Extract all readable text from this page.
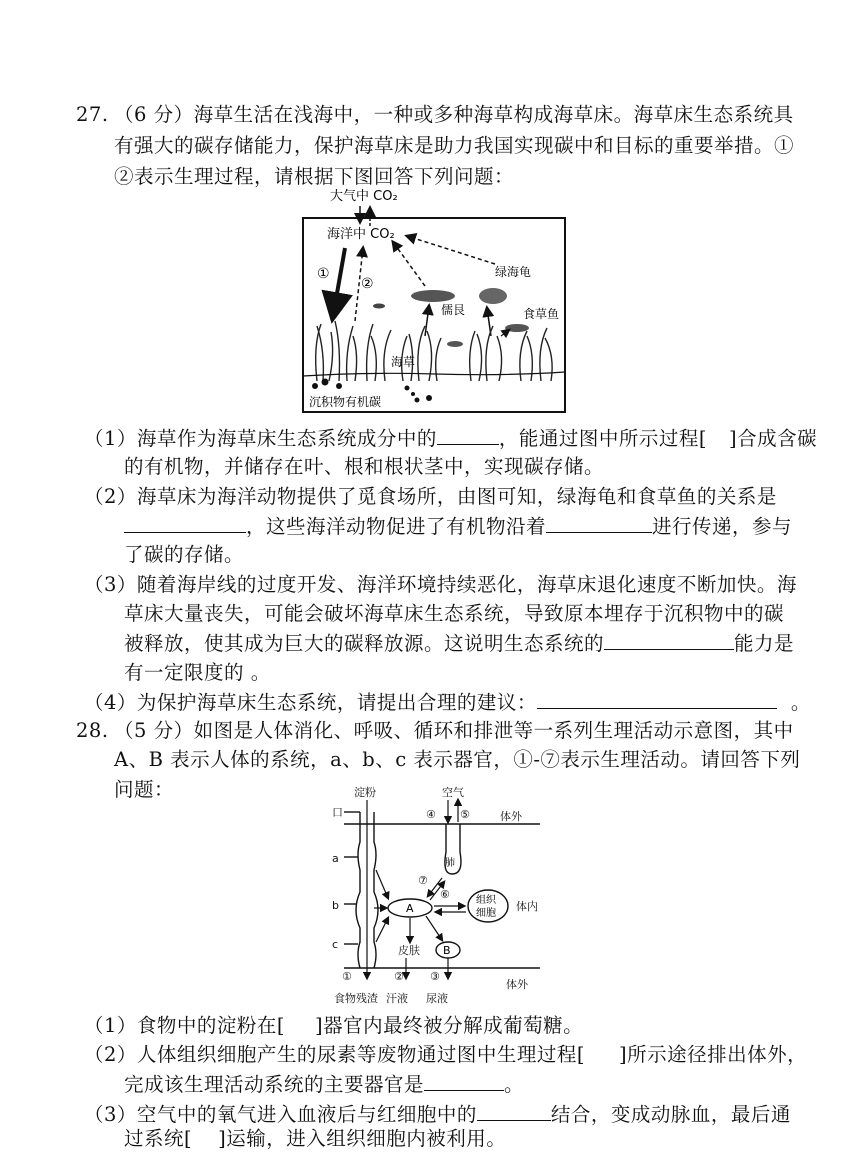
27. （6 分）海草生活在浅海中，一种或多种海草构成海草床。海草床生态系统具
有强大的碳存储能力，保护海草床是助力我国实现碳中和目标的重要举措。①
②表示生理过程，请根据下图回答下列问题：
大气中 CO₂
海洋中 CO₂
①
②
儒艮
绿海龟
食草鱼
海草
沉积物有机碳
（1）海草作为海草床生态系统成分中的	，能通过图中所示过程[ ]合成含碳
的有机物，并储存在叶、根和根状茎中，实现碳存储。
（2）海草床为海洋动物提供了觅食场所，由图可知，绿海龟和食草鱼的关系是
，这些海洋动物促进了有机物沿着	进行传递，参与
了碳的存储。
（3）随着海岸线的过度开发、海洋环境持续恶化，海草床退化速度不断加快。海
草床大量丧失，可能会破坏海草床生态系统，导致原本埋存于沉积物中的碳
被释放，使其成为巨大的碳释放源。这说明生态系统的	能力是
有一定限度的 。
（4）为保护海草床生态系统，请提出合理的建议：	。
28. （5 分）如图是人体消化、呼吸、循环和排泄等一系列生理活动示意图，其中
A、B 表示人体的系统，a、b、c 表示器官，①-⑦表示生理活动。请回答下列
问题：	淀粉	空气
口
a
b
c
体外
体内
体外
④ ⑤
⑦
⑥
①	② ③
皮肤
食物残渣 汗液 尿液
肺
A
组织
细胞
B
（1）食物中的淀粉在[ ]器官内最终被分解成葡萄糖。
（2）人体组织细胞产生的尿素等废物通过图中生理过程[ ]所示途径排出体外，
完成该生理活动系统的主要器官是	。
（3）空气中的氧气进入血液后与红细胞中的	结合，变成动脉血，最后通
过系统[ ]运输，进入组织细胞内被利用。
